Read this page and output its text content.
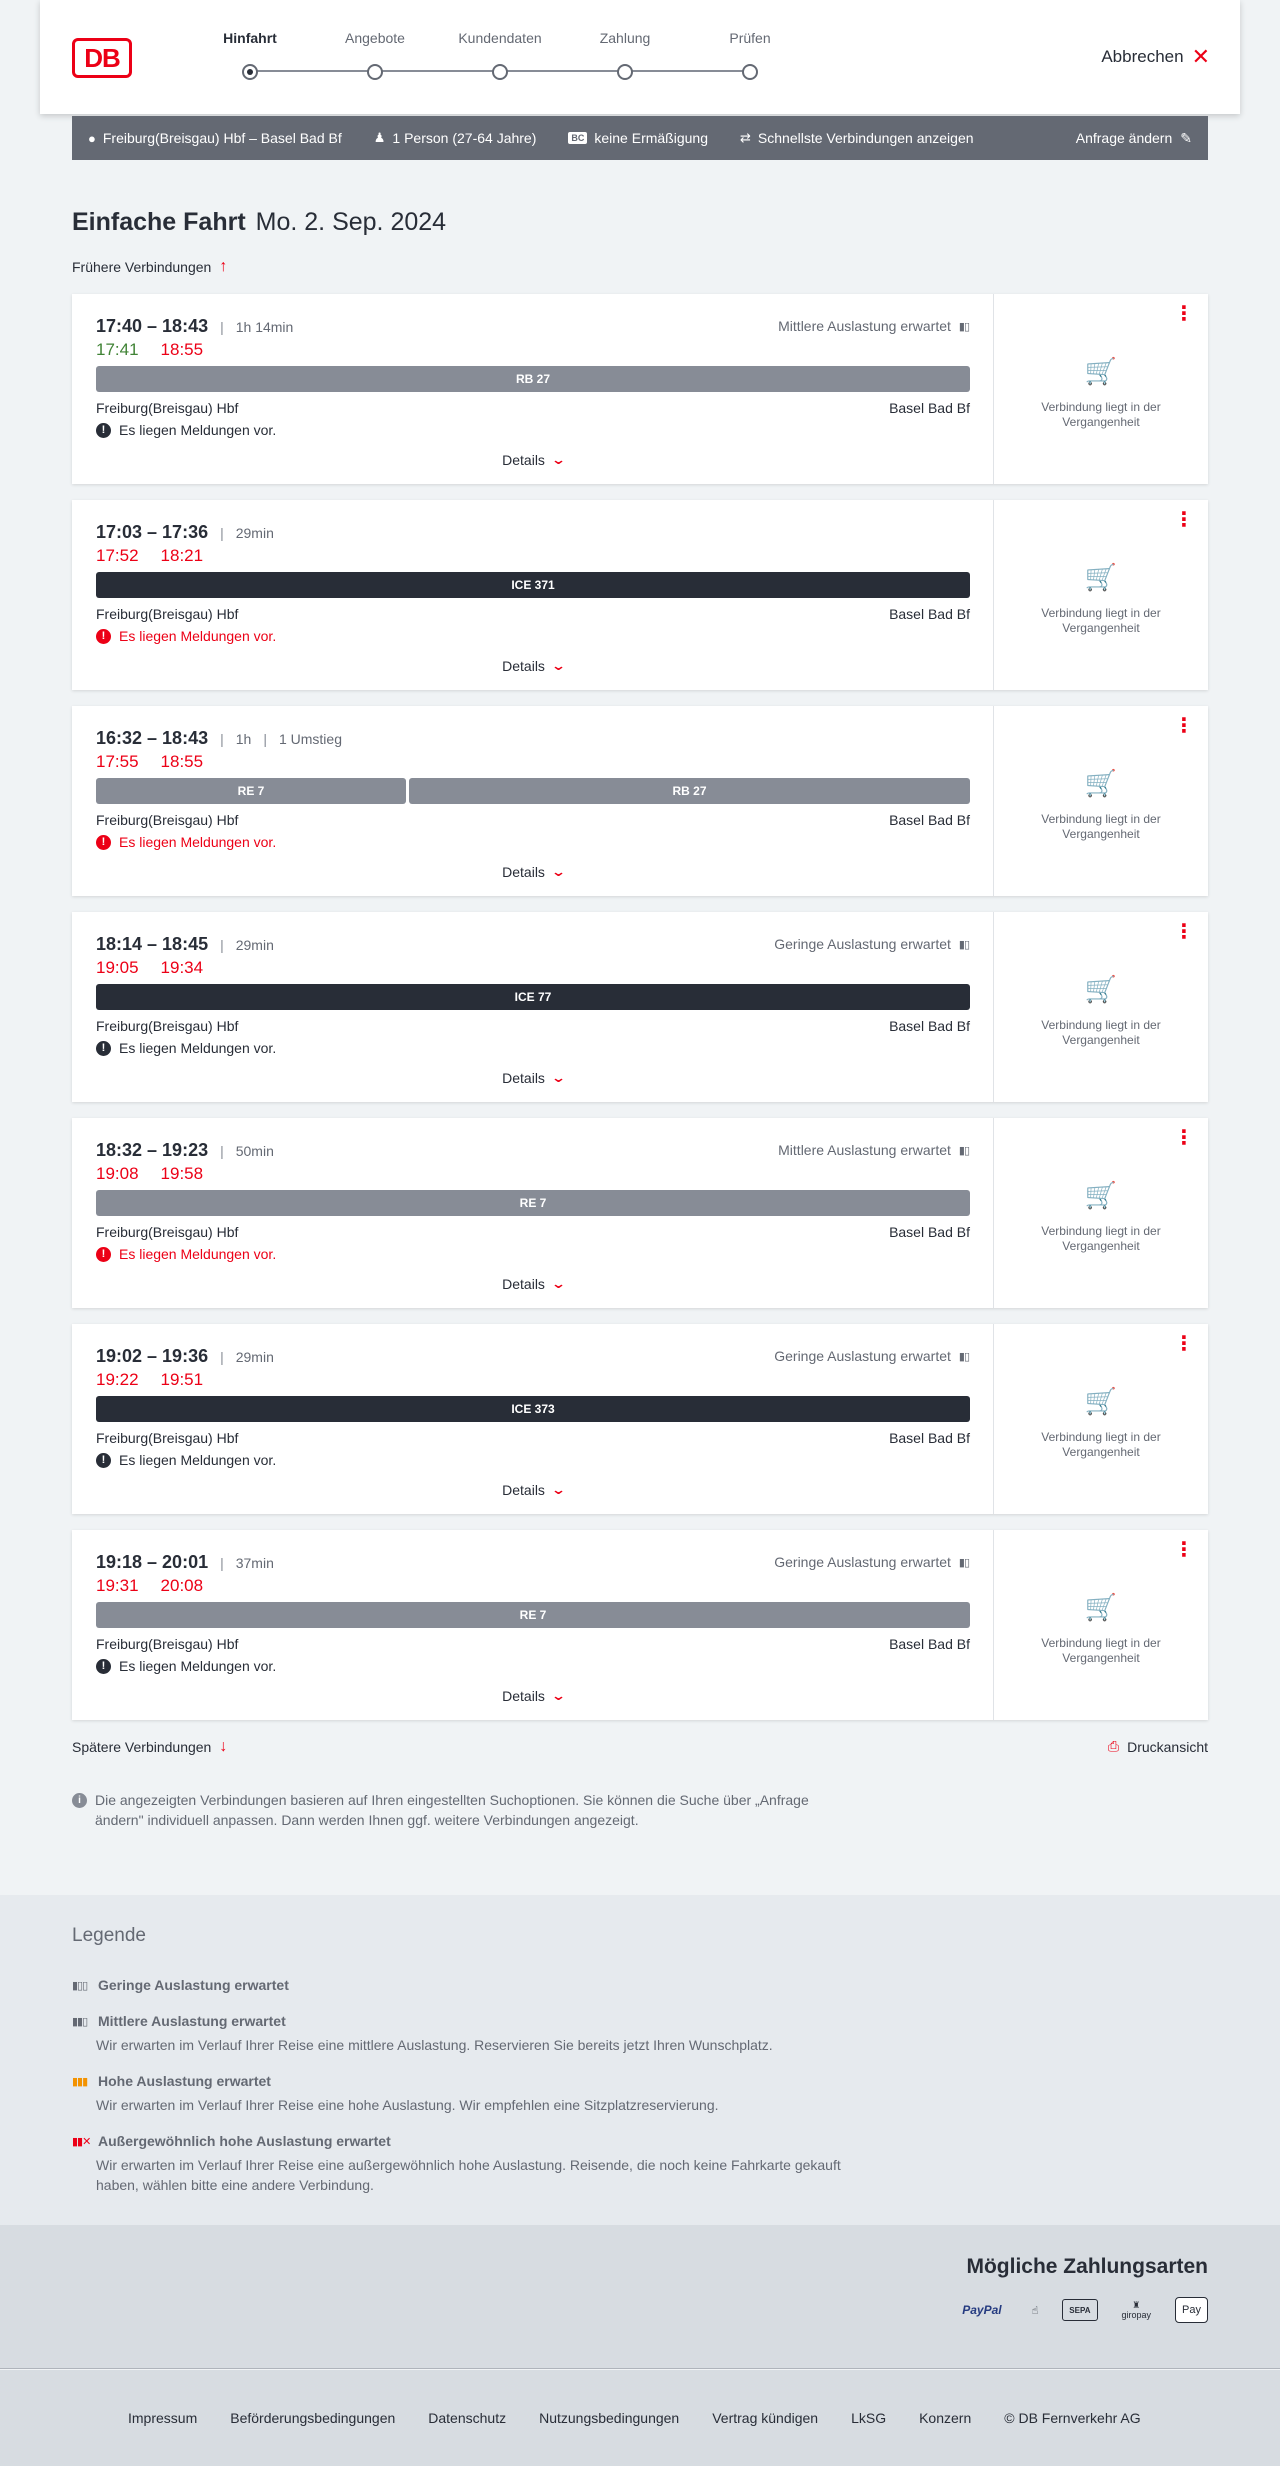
DB
Hinfahrt	Angebote	Kundendaten	Zahlung	Prüfen
Abbrechen ✕
● Freiburg(Breisgau) Hbf – Basel Bad Bf ♟ 1 Person (27-64 Jahre)	BC keine Ermäßigung ⇄ Schnellste Verbindungen anzeigen	Anfrage ändern ✎
Einfache Fahrt Mo. 2. Sep. 2024
Frühere Verbindungen ↑
17:40 – 18:43 | 1h 14min
17:41 18:55
Mittlere Auslastung erwartet ▮▯
RB 27
Freiburg(Breisgau) Hbf	Basel Bad Bf
! Es liegen Meldungen vor.
Details ⌄
⋮
🛒
Verbindung liegt in der Vergangenheit
17:03 – 17:36 | 29min
17:52 18:21
ICE 371
Freiburg(Breisgau) Hbf	Basel Bad Bf
! Es liegen Meldungen vor.
Details ⌄
⋮
🛒
Verbindung liegt in der Vergangenheit
16:32 – 18:43 | 1h | 1 Umstieg
17:55 18:55
RE 7	RB 27
Freiburg(Breisgau) Hbf	Basel Bad Bf
! Es liegen Meldungen vor.
Details ⌄
⋮
🛒
Verbindung liegt in der Vergangenheit
18:14 – 18:45 | 29min
19:05 19:34
Geringe Auslastung erwartet ▮▯
ICE 77
Freiburg(Breisgau) Hbf	Basel Bad Bf
! Es liegen Meldungen vor.
Details ⌄
⋮
🛒
Verbindung liegt in der Vergangenheit
18:32 – 19:23 | 50min
19:08 19:58
Mittlere Auslastung erwartet ▮▯
RE 7
Freiburg(Breisgau) Hbf	Basel Bad Bf
! Es liegen Meldungen vor.
Details ⌄
⋮
🛒
Verbindung liegt in der Vergangenheit
19:02 – 19:36 | 29min
19:22 19:51
Geringe Auslastung erwartet ▮▯
ICE 373
Freiburg(Breisgau) Hbf	Basel Bad Bf
! Es liegen Meldungen vor.
Details ⌄
⋮
🛒
Verbindung liegt in der Vergangenheit
19:18 – 20:01 | 37min
19:31 20:08
Geringe Auslastung erwartet ▮▯
RE 7
Freiburg(Breisgau) Hbf	Basel Bad Bf
! Es liegen Meldungen vor.
Details ⌄
⋮
🛒
Verbindung liegt in der Vergangenheit
Spätere Verbindungen ↓	⎙ Druckansicht
i	Die angezeigten Verbindungen basieren auf Ihren eingestellten Suchoptionen. Sie können die Suche über „Anfrage ändern" individuell anpassen. Dann werden Ihnen ggf. weitere Verbindungen angezeigt.
Legende
▮▯▯ Geringe Auslastung erwartet
▮▮▯ Mittlere Auslastung erwartet
Wir erwarten im Verlauf Ihrer Reise eine mittlere Auslastung. Reservieren Sie bereits jetzt Ihren Wunschplatz.
▮▮▮ Hohe Auslastung erwartet
Wir erwarten im Verlauf Ihrer Reise eine hohe Auslastung. Wir empfehlen eine Sitzplatzreservierung.
▮▮✕ Außergewöhnlich hohe Auslastung erwartet
Wir erwarten im Verlauf Ihrer Reise eine außergewöhnlich hohe Auslastung. Reisende, die noch keine Fahrkarte gekauft haben, wählen bitte eine andere Verbindung.
Mögliche Zahlungsarten
PayPal	☝	SEPA	♜
giropay	Pay
Impressum Beförderungsbedingungen Datenschutz Nutzungsbedingungen Vertrag kündigen LkSG Konzern © DB Fernverkehr AG
